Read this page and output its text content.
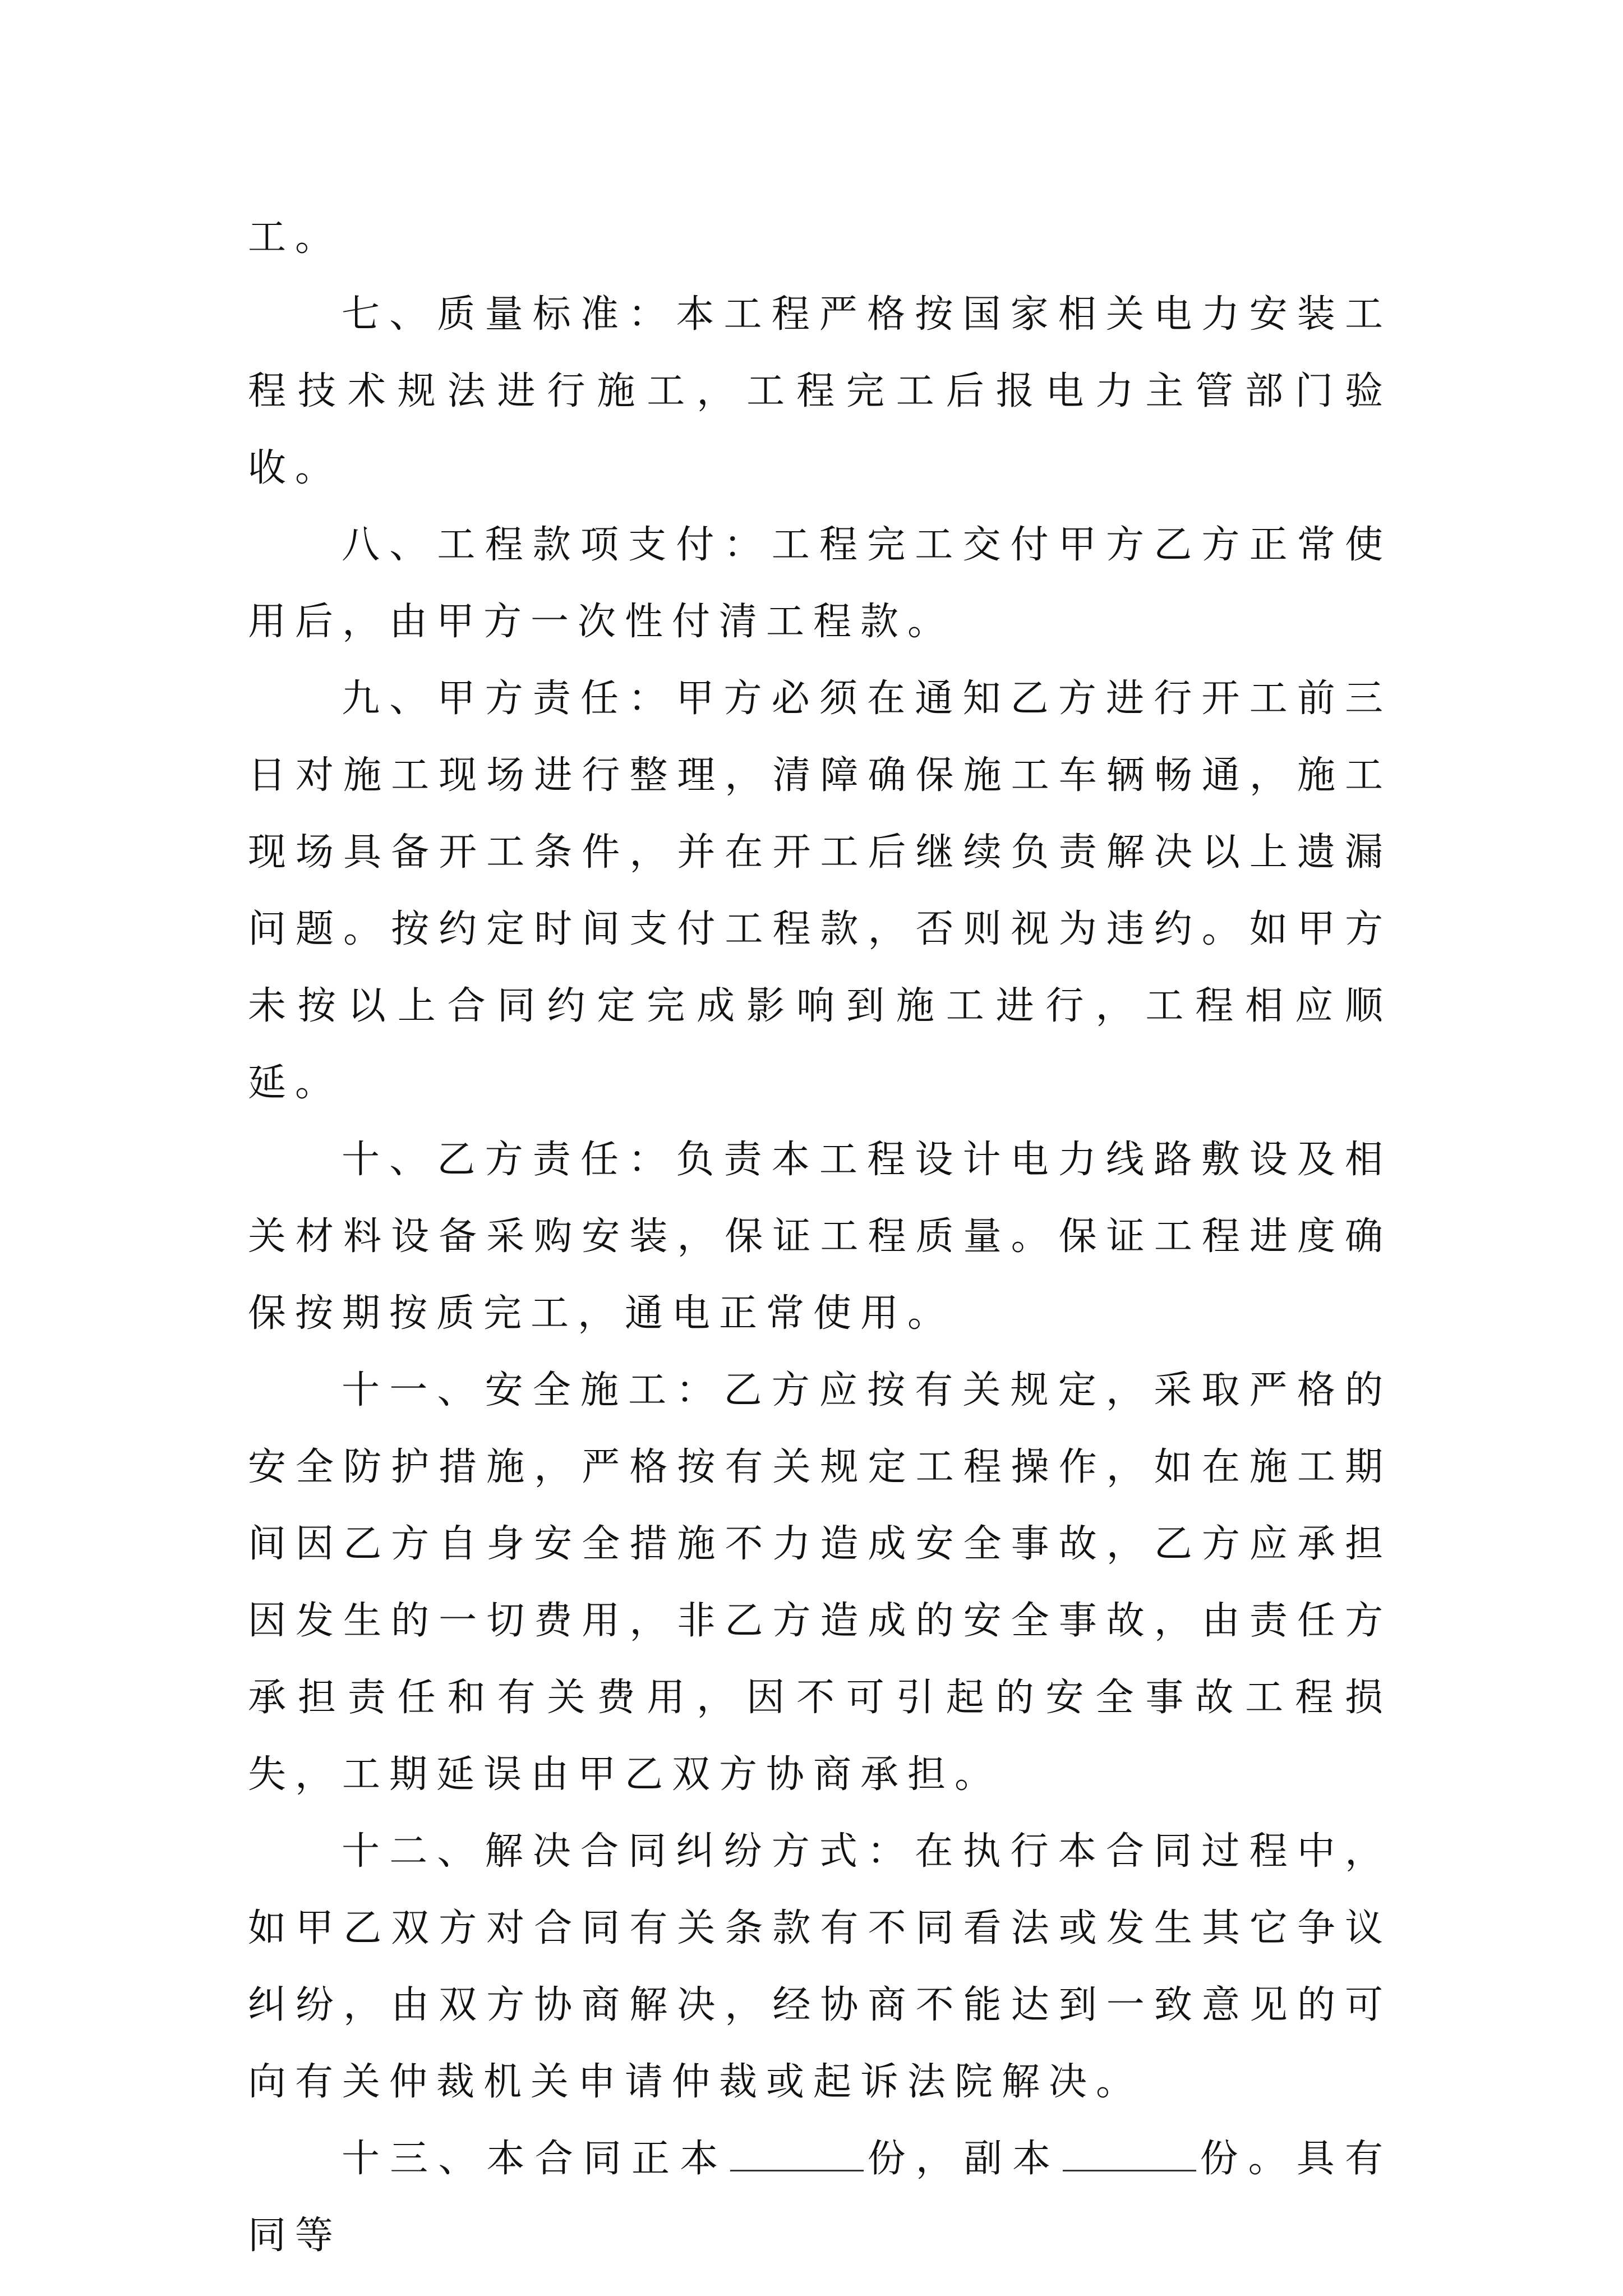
工。

七、质量标准：本工程严格按国家相关电力安装工程技术规法进行施工，工程完工后报电力主管部门验收。

八、工程款项支付：工程完工交付甲方乙方正常使用后，由甲方一次性付清工程款。

九、甲方责任：甲方必须在通知乙方进行开工前三日对施工现场进行整理，清障确保施工车辆畅通，施工现场具备开工条件，并在开工后继续负责解决以上遗漏问题。按约定时间支付工程款，否则视为违约。如甲方未按以上合同约定完成影响到施工进行，工程相应顺延。

十、乙方责任：负责本工程设计电力线路敷设及相关材料设备采购安装，保证工程质量。保证工程进度确保按期按质完工，通电正常使用。

十一、安全施工：乙方应按有关规定，采取严格的安全防护措施，严格按有关规定工程操作，如在施工期间因乙方自身安全措施不力造成安全事故，乙方应承担因发生的一切费用，非乙方造成的安全事故，由责任方承担责任和有关费用，因不可引起的安全事故工程损失，工期延误由甲乙双方协商承担。

十二、解决合同纠纷方式：在执行本合同过程中，如甲乙双方对合同有关条款有不同看法或发生其它争议纠纷，由双方协商解决，经协商不能达到一致意见的可向有关仲裁机关申请仲裁或起诉法院解决。

十三、本合同正本	份，副本	份。具有同等
